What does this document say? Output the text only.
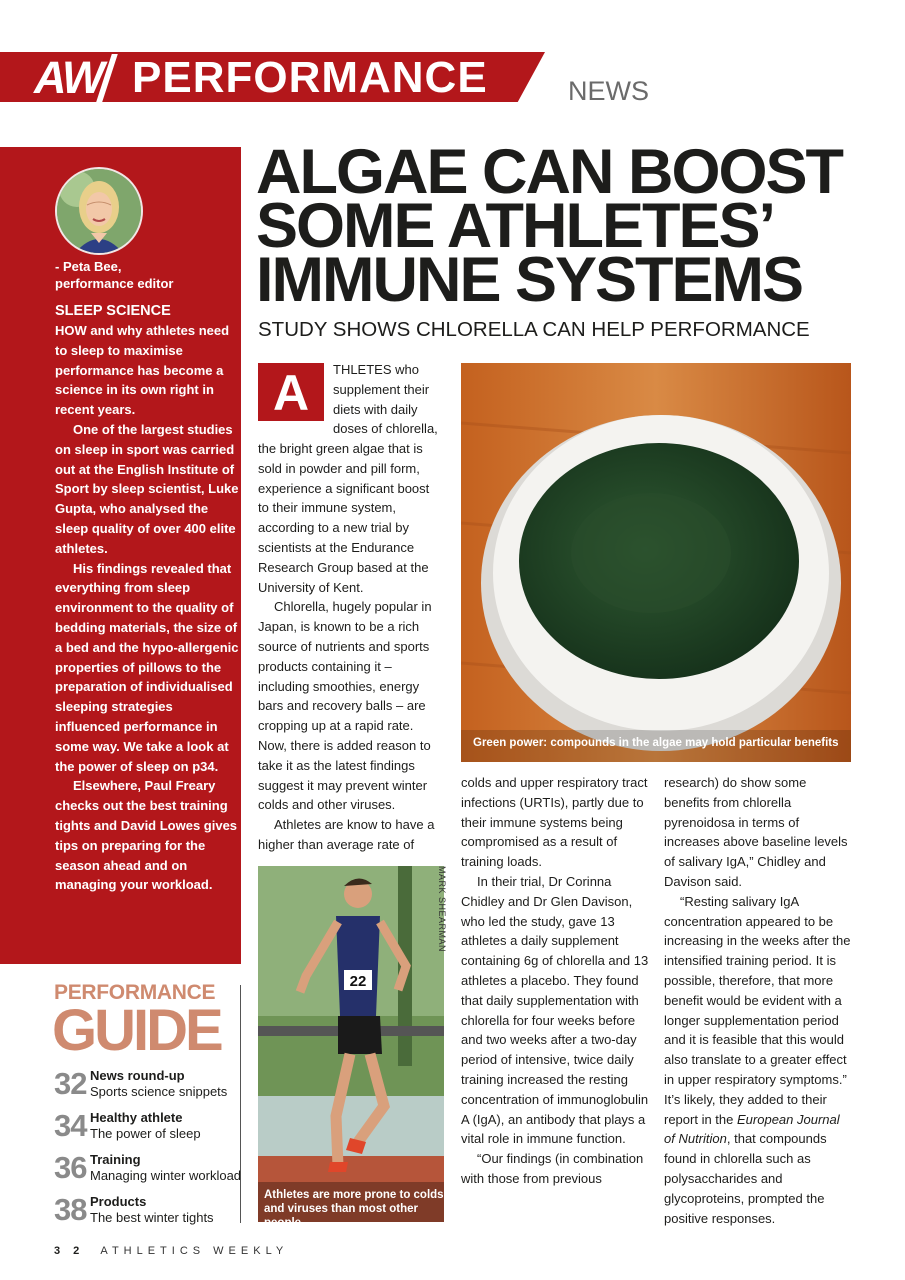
AW PERFORMANCE	NEWS
- Peta Bee,
performance editor
SLEEP SCIENCE

HOW and why athletes need to sleep to maximise performance has become a science in its own right in recent years.

One of the largest studies on sleep in sport was carried out at the English Institute of Sport by sleep scientist, Luke Gupta, who analysed the sleep quality of over 400 elite athletes.

His findings revealed that everything from sleep environment to the quality of bedding materials, the size of a bed and the hypo-allergenic properties of pillows to the preparation of individualised sleeping strategies influenced performance in some way. We take a look at the power of sleep on p34.

Elsewhere, Paul Freary checks out the best training tights and David Lowes gives tips on preparing for the season ahead and on managing your workload.

PERFORMANCE
GUIDE
32 News round-up
Sports science snippets
34 Healthy athlete
The power of sleep
36 Training
Managing winter workload
38 Products
The best winter tights
ALGAE CAN BOOST
SOME ATHLETES’
IMMUNE SYSTEMS
STUDY SHOWS CHLORELLA CAN HELP PERFORMANCE
A	THLETES who supplement their diets with daily doses of chlorella,

the bright green algae that is sold in powder and pill form, experience a significant boost to their immune system, according to a new trial by scientists at the Endurance Research Group based at the University of Kent.

Chlorella, hugely popular in Japan, is known to be a rich source of nutrients and sports products containing it – including smoothies, energy bars and recovery balls – are cropping up at a rapid rate. Now, there is added reason to take it as the latest findings suggest it may prevent winter colds and other viruses.

Athletes are know to have a higher than average rate of

Green power: compounds in the algae may hold particular benefits
22
Athletes are more prone to colds and viruses than most other people
MARK SHEARMAN

colds and upper respiratory tract infections (URTIs), partly due to their immune systems being compromised as a result of training loads.

In their trial, Dr Corinna Chidley and Dr Glen Davison, who led the study, gave 13 athletes a daily supplement containing 6g of chlorella and 13 athletes a placebo. They found that daily supplementation with chlorella for four weeks before and two weeks after a two-day period of intensive, twice daily training increased the resting concentration of immunoglobulin A (IgA), an antibody that plays a vital role in immune function.

“Our findings (in combination with those from previous

research) do show some benefits from chlorella pyrenoidosa in terms of increases above baseline levels of salivary IgA,” Chidley and Davison said.

“Resting salivary IgA concentration appeared to be increasing in the weeks after the intensified training period. It is possible, therefore, that more benefit would be evident with a longer supplementation period and it is feasible that this would also translate to a greater effect in upper respiratory symptoms.” It’s likely, they added to their report in the European Journal of Nutrition, that compounds found in chlorella such as polysaccharides and glycoproteins, prompted the positive responses.

3 2 ATHLETICS WEEKLY
